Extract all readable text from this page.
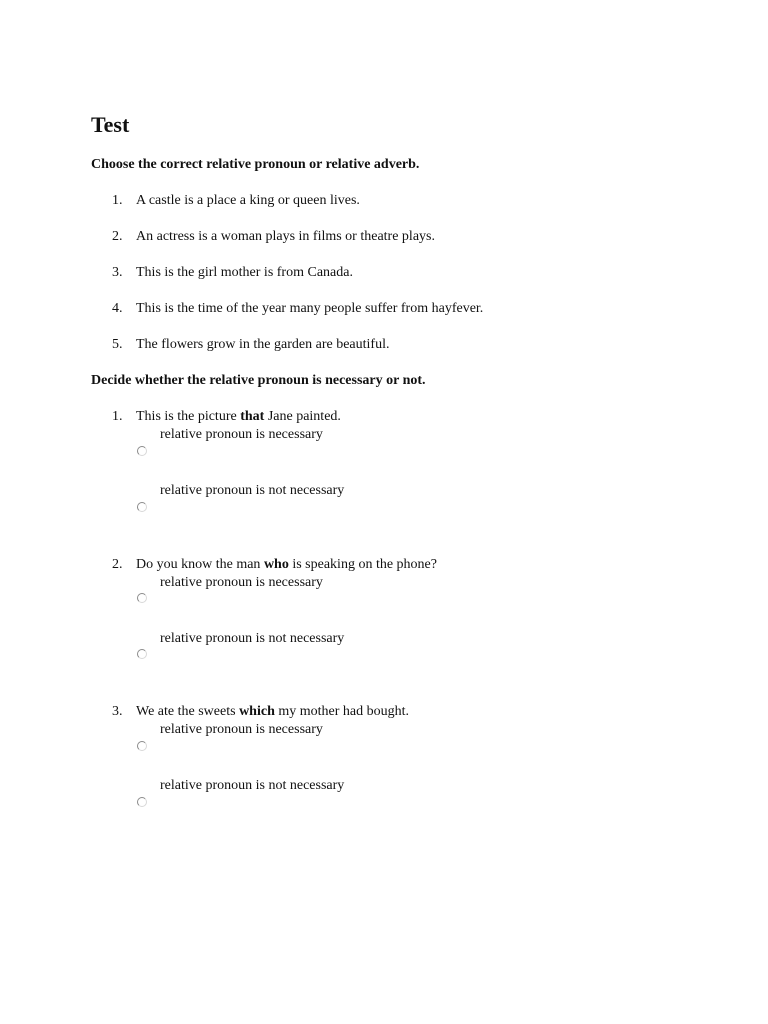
Test

Choose the correct relative pronoun or relative adverb.

1. A castle is a place a king or queen lives.
2. An actress is a woman plays in films or theatre plays.
3. This is the girl mother is from Canada.
4. This is the time of the year many people suffer from hayfever.
5. The flowers grow in the garden are beautiful.

Decide whether the relative pronoun is necessary or not.

1. This is the picture that Jane painted.
relative pronoun is necessary
relative pronoun is not necessary
2. Do you know the man who is speaking on the phone?
relative pronoun is necessary
relative pronoun is not necessary
3. We ate the sweets which my mother had bought.
relative pronoun is necessary
relative pronoun is not necessary
